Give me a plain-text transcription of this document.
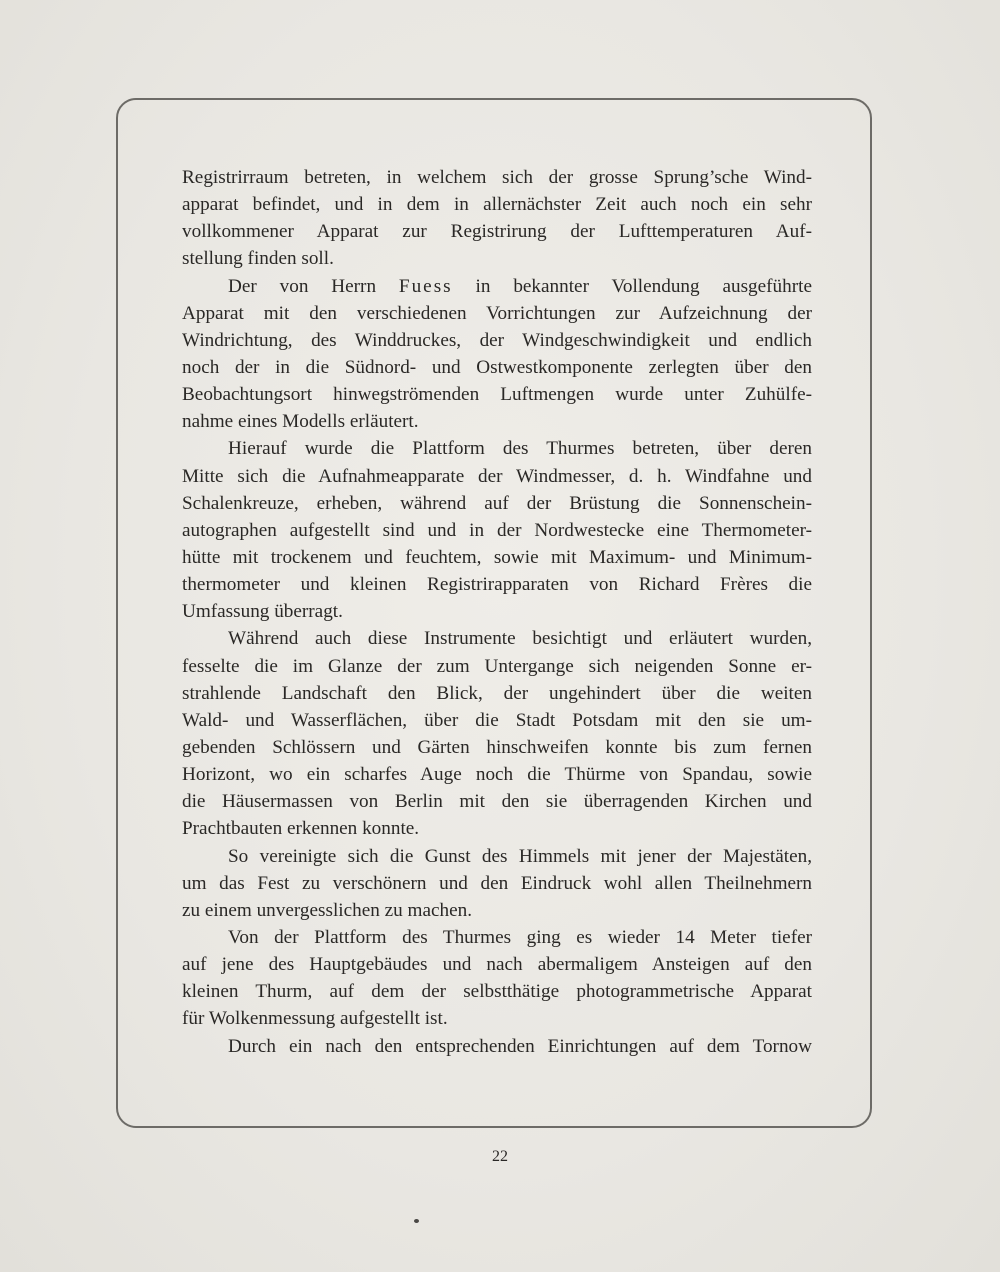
Registrirraum betreten, in welchem sich der grosse Sprung’sche Wind-
apparat befindet, und in dem in allernächster Zeit auch noch ein sehr
vollkommener Apparat zur Registrirung der Lufttemperaturen Auf-
stellung finden soll.
Der von Herrn Fuess in bekannter Vollendung ausgeführte
Apparat mit den verschiedenen Vorrichtungen zur Aufzeichnung der
Windrichtung, des Winddruckes, der Windgeschwindigkeit und endlich
noch der in die Südnord- und Ostwestkomponente zerlegten über den
Beobachtungsort hinwegströmenden Luftmengen wurde unter Zuhülfe-
nahme eines Modells erläutert.
Hierauf wurde die Plattform des Thurmes betreten, über deren
Mitte sich die Aufnahmeapparate der Windmesser, d. h. Windfahne und
Schalenkreuze, erheben, während auf der Brüstung die Sonnenschein-
autographen aufgestellt sind und in der Nordwestecke eine Thermometer-
hütte mit trockenem und feuchtem, sowie mit Maximum- und Minimum-
thermometer und kleinen Registrirapparaten von Richard Frères die
Umfassung überragt.
Während auch diese Instrumente besichtigt und erläutert wurden,
fesselte die im Glanze der zum Untergange sich neigenden Sonne er-
strahlende Landschaft den Blick, der ungehindert über die weiten
Wald- und Wasserflächen, über die Stadt Potsdam mit den sie um-
gebenden Schlössern und Gärten hinschweifen konnte bis zum fernen
Horizont, wo ein scharfes Auge noch die Thürme von Spandau, sowie
die Häusermassen von Berlin mit den sie überragenden Kirchen und
Prachtbauten erkennen konnte.
So vereinigte sich die Gunst des Himmels mit jener der Majestäten,
um das Fest zu verschönern und den Eindruck wohl allen Theilnehmern
zu einem unvergesslichen zu machen.
Von der Plattform des Thurmes ging es wieder 14 Meter tiefer
auf jene des Hauptgebäudes und nach abermaligem Ansteigen auf den
kleinen Thurm, auf dem der selbstthätige photogrammetrische Apparat
für Wolkenmessung aufgestellt ist.
Durch ein nach den entsprechenden Einrichtungen auf dem Tornow
22
